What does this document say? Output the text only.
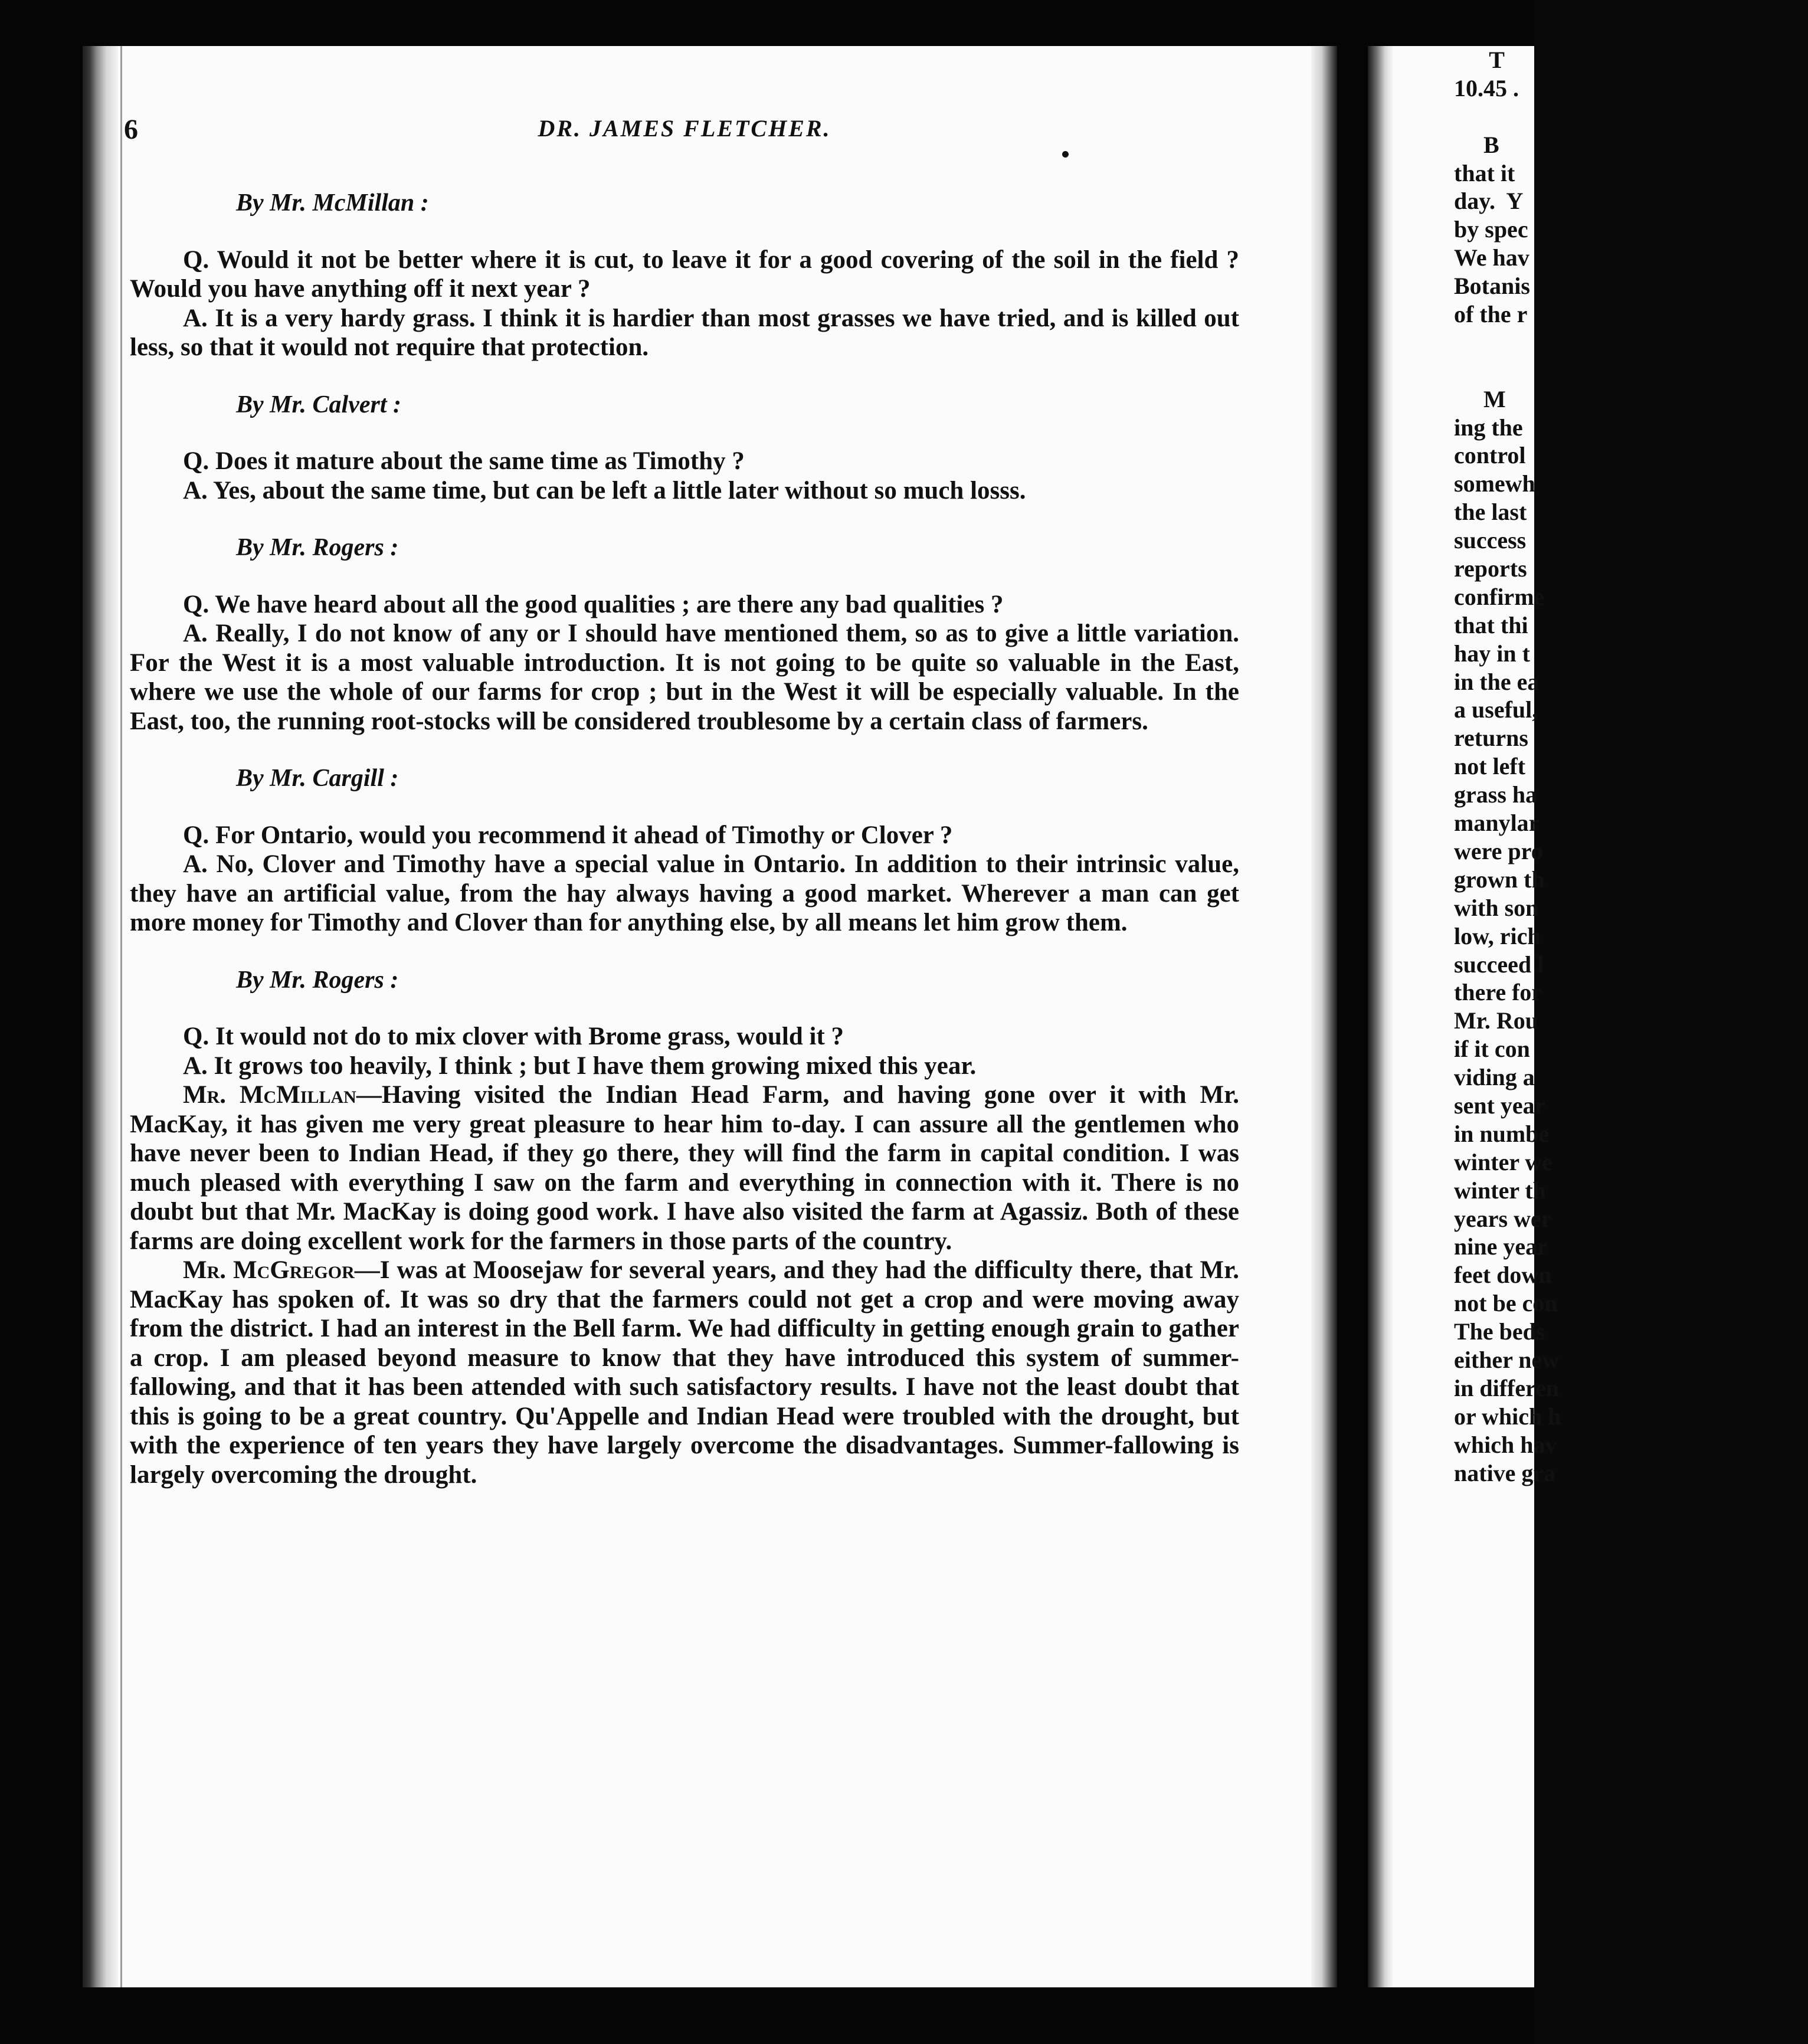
6	DR. JAMES FLETCHER.
By Mr. McMillan :

Q. Would it not be better where it is cut, to leave it for a good covering of the soil in the field ? Would you have anything off it next year ?

A. It is a very hardy grass. I think it is hardier than most grasses we have tried, and is killed out less, so that it would not require that protection.

By Mr. Calvert :

Q. Does it mature about the same time as Timothy ?

A. Yes, about the same time, but can be left a little later without so much losss.

By Mr. Rogers :

Q. We have heard about all the good qualities ; are there any bad qualities ?

A. Really, I do not know of any or I should have mentioned them, so as to give a little variation. For the West it is a most valuable introduction. It is not going to be quite so valuable in the East, where we use the whole of our farms for crop ; but in the West it will be especially valuable. In the East, too, the running root-stocks will be considered troublesome by a certain class of farmers.

By Mr. Cargill :

Q. For Ontario, would you recommend it ahead of Timothy or Clover ?

A. No, Clover and Timothy have a special value in Ontario. In addition to their intrinsic value, they have an artificial value, from the hay always having a good market. Wherever a man can get more money for Timothy and Clover than for anything else, by all means let him grow them.

By Mr. Rogers :

Q. It would not do to mix clover with Brome grass, would it ?

A. It grows too heavily, I think ; but I have them growing mixed this year.

Mr. McMillan—Having visited the Indian Head Farm, and having gone over it with Mr. MacKay, it has given me very great pleasure to hear him to-day. I can assure all the gentlemen who have never been to Indian Head, if they go there, they will find the farm in capital condition. I was much pleased with everything I saw on the farm and everything in connection with it. There is no doubt but that Mr. MacKay is doing good work. I have also visited the farm at Agassiz. Both of these farms are doing excellent work for the farmers in those parts of the country.

Mr. McGregor—I was at Moosejaw for several years, and they had the difficulty there, that Mr. MacKay has spoken of. It was so dry that the farmers could not get a crop and were moving away from the district. I had an interest in the Bell farm. We had difficulty in getting enough grain to gather a crop. I am pleased beyond measure to know that they have introduced this system of summer-fallowing, and that it has been attended with such satisfactory results. I have not the least doubt that this is going to be a great country. Qu'Appelle and Indian Head were troubled with the drought, but with the experience of ten years they have largely overcome the disadvantages. Summer-fallowing is largely overcoming the drought.

T
10.45 .
B
that it
day.  Y
by spec
We hav
Botanis
of the r
M
ing the
control
somewh
the last
success
reports
confirme
that thi
hay in t
in the ea
a useful,
returns
not left
grass ha
manylar
were pro
grown th
with son
low, rich
succeed l
there for
Mr. Rou
if it con
viding a
sent year
in numbe
winter we
winter th
years wer
nine year
feet down
not be con
The beds
either new
in differen
or which h
which hav
native gra
